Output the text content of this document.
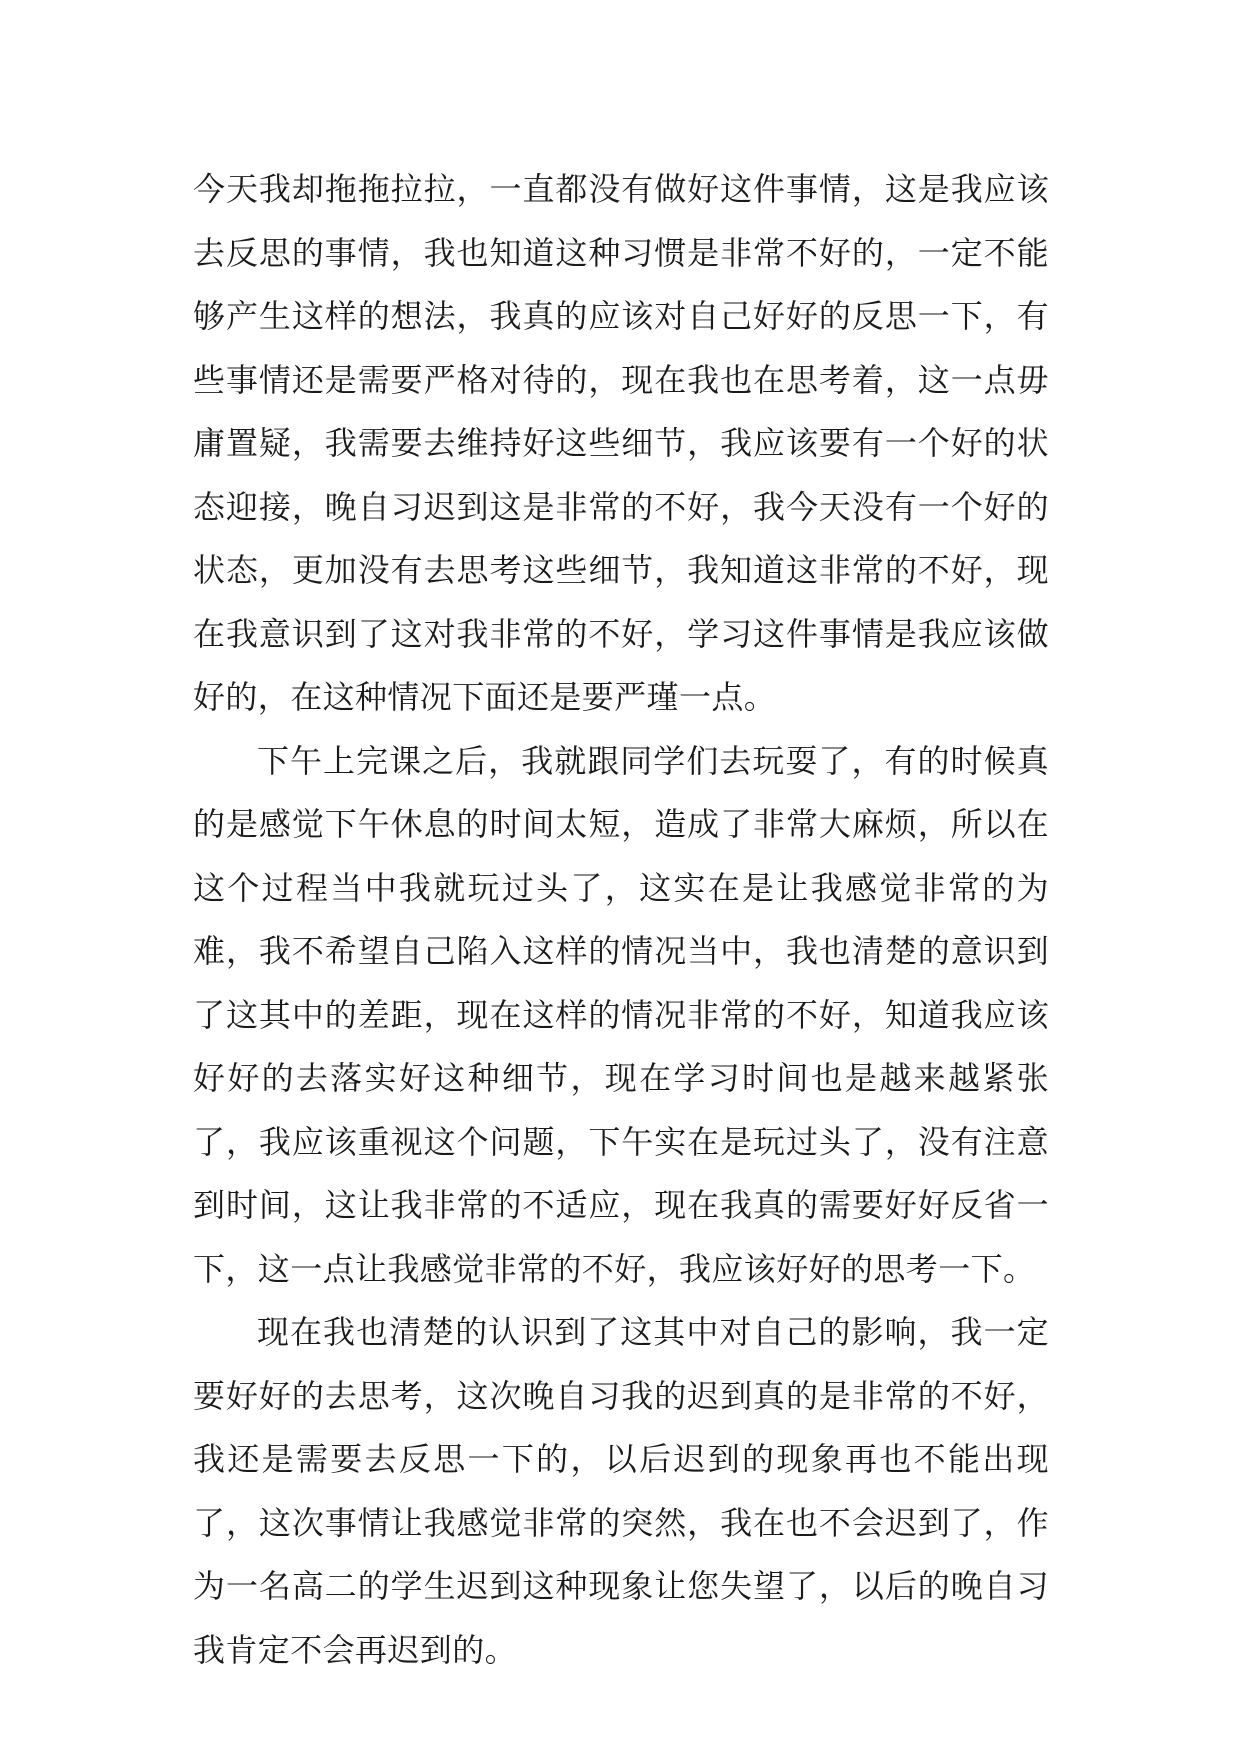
今天我却拖拖拉拉，一直都没有做好这件事情，这是我应该去反思的事情，我也知道这种习惯是非常不好的，一定不能够产生这样的想法，我真的应该对自己好好的反思一下，有些事情还是需要严格对待的，现在我也在思考着，这一点毋庸置疑，我需要去维持好这些细节，我应该要有一个好的状态迎接，晚自习迟到这是非常的不好，我今天没有一个好的状态，更加没有去思考这些细节，我知道这非常的不好，现在我意识到了这对我非常的不好，学习这件事情是我应该做好的，在这种情况下面还是要严瑾一点。

下午上完课之后，我就跟同学们去玩耍了，有的时候真的是感觉下午休息的时间太短，造成了非常大麻烦，所以在这个过程当中我就玩过头了，这实在是让我感觉非常的为难，我不希望自己陷入这样的情况当中，我也清楚的意识到了这其中的差距，现在这样的情况非常的不好，知道我应该好好的去落实好这种细节，现在学习时间也是越来越紧张了，我应该重视这个问题，下午实在是玩过头了，没有注意到时间，这让我非常的不适应，现在我真的需要好好反省一下，这一点让我感觉非常的不好，我应该好好的思考一下。

现在我也清楚的认识到了这其中对自己的影响，我一定要好好的去思考，这次晚自习我的迟到真的是非常的不好，我还是需要去反思一下的，以后迟到的现象再也不能出现了，这次事情让我感觉非常的突然，我在也不会迟到了，作为一名高二的学生迟到这种现象让您失望了，以后的晚自习我肯定不会再迟到的。
